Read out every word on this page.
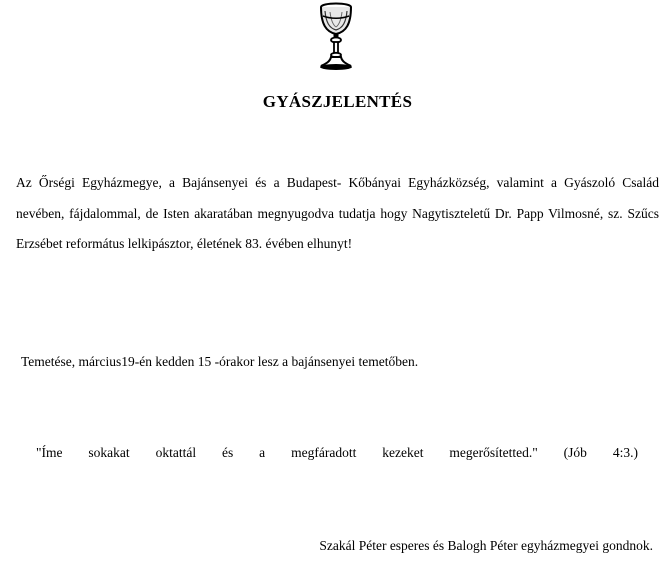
GYÁSZJELENTÉS
Az Őrségi Egyházmegye, a Bajánsenyei és a Budapest- Kőbányai Egyházközség, valamint a Gyászoló Család nevében, fájdalommal, de Isten akaratában megnyugodva tudatja hogy Nagytiszteletű Dr. Papp Vilmosné, sz. Szűcs Erzsébet református lelkipásztor, életének 83. évében elhunyt!
Temetése, március19-én kedden 15 -órakor lesz a bajánsenyei temetőben.
"Íme sokakat oktattál és a megfáradott kezeket megerősítetted." (Jób 4:3.)
Szakál Péter esperes és Balogh Péter egyházmegyei gondnok.
